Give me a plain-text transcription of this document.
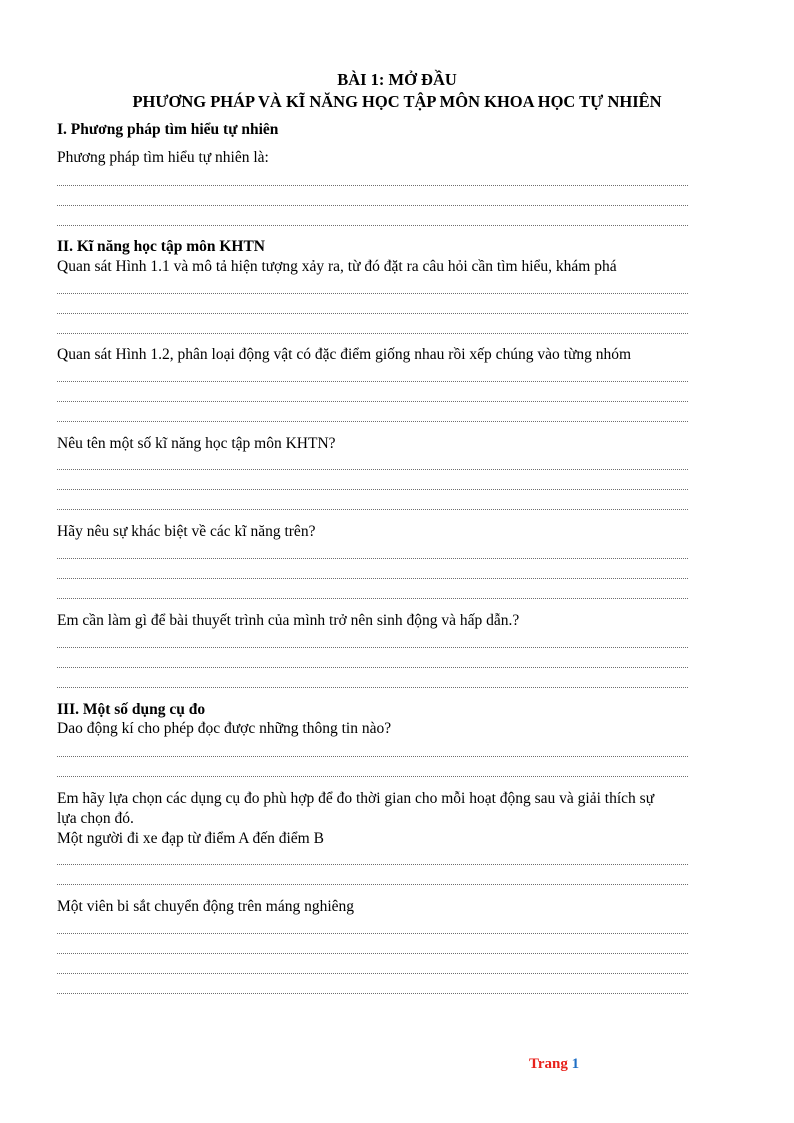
BÀI 1: MỞ ĐẦU
PHƯƠNG PHÁP VÀ KĨ NĂNG HỌC TẬP MÔN KHOA HỌC TỰ NHIÊN
I. Phương pháp tìm hiểu tự nhiên
Phương pháp tìm hiểu tự nhiên là:
II. Kĩ năng học tập môn KHTN
Quan sát Hình 1.1 và mô tả hiện tượng xảy ra, từ đó đặt ra câu hỏi cần tìm hiểu, khám phá
Quan sát Hình 1.2, phân loại động vật có đặc điểm giống nhau rồi xếp chúng vào từng nhóm
Nêu tên một số kĩ năng học tập môn KHTN?
Hãy nêu sự khác biệt về các kĩ năng trên?
Em cần làm gì để bài thuyết trình của mình trở nên sinh động và hấp dẫn.?
III. Một số dụng cụ đo
Dao động kí cho phép đọc được những thông tin nào?
Em hãy lựa chọn các dụng cụ đo phù hợp để đo thời gian cho mỗi hoạt động sau và giải thích sự
lựa chọn đó.
Một người đi xe đạp từ điểm A đến điểm B
Một viên bi sắt chuyển động trên máng nghiêng
Trang 1
